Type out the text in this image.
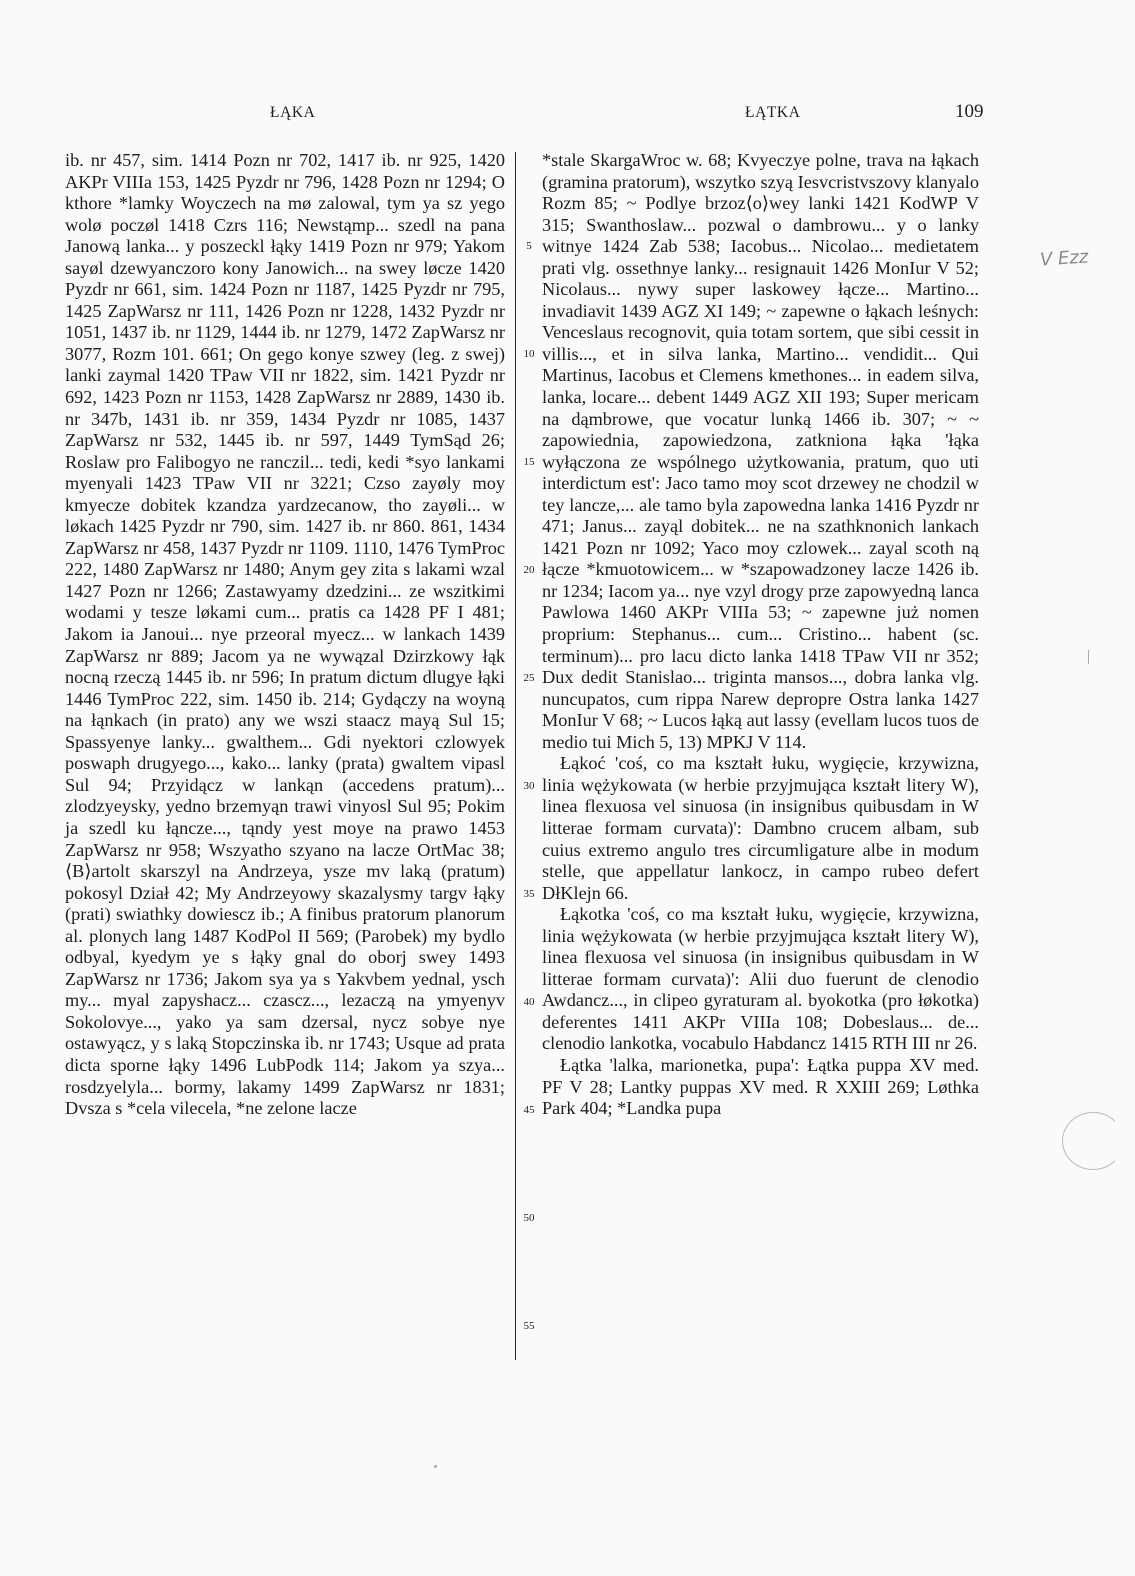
ŁĄKA	ŁĄTKA	109

ib. nr 457, sim. 1414 Pozn nr 702, 1417 ib. nr 925, 1420 AKPr VIIIa 153, 1425 Pyzdr nr 796, 1428 Pozn nr 1294; O kthore *lamky Woyczech na mø zalowal, tym ya sz yego wolø poczøl 1418 Czrs 116; Newstąmp... szedl na pana Janową lanka... y poszeckl łąky 1419 Pozn nr 979; Yakom sayøl dzewyanczoro kony Janowich... na swey løcze 1420 Pyzdr nr 661, sim. 1424 Pozn nr 1187, 1425 Pyzdr nr 795, 1425 ZapWarsz nr 111, 1426 Pozn nr 1228, 1432 Pyzdr nr 1051, 1437 ib. nr 1129, 1444 ib. nr 1279, 1472 ZapWarsz nr 3077, Rozm 101. 661; On gego konye szwey (leg. z swej) lanki zaymal 1420 TPaw VII nr 1822, sim. 1421 Pyzdr nr 692, 1423 Pozn nr 1153, 1428 ZapWarsz nr 2889, 1430 ib. nr 347b, 1431 ib. nr 359, 1434 Pyzdr nr 1085, 1437 ZapWarsz nr 532, 1445 ib. nr 597, 1449 TymSąd 26; Roslaw pro Falibogyo ne ranczil... tedi, kedi *syo lankami myenyali 1423 TPaw VII nr 3221; Czso zayøly moy kmyecze dobitek kzandza yardzecanow, tho zayøli... w løkach 1425 Pyzdr nr 790, sim. 1427 ib. nr 860. 861, 1434 ZapWarsz nr 458, 1437 Pyzdr nr 1109. 1110, 1476 TymProc 222, 1480 ZapWarsz nr 1480; Anym gey zita s lakami wzal 1427 Pozn nr 1266; Zastawyamy dzedzini... ze wszitkimi wodami y tesze løkami cum... pratis ca 1428 PF I 481; Jakom ia Janoui... nye przeoral myecz... w lankach 1439 ZapWarsz nr 889; Jacom ya ne wywązal Dzirzkowy łąk nocną rzeczą 1445 ib. nr 596; In pratum dictum dlugye łąki 1446 TymProc 222, sim. 1450 ib. 214; Gydączy na woyną na łąnkach (in prato) any we wszi staacz mayą Sul 15; Spassyenye lanky... gwalthem... Gdi nyektori czlowyek poswaph drugyego..., kako... lanky (prata) gwaltem vipasl Sul 94; Przyidącz w lankąn (accedens pratum)... zlodzyeysky, yedno brzemyąn trawi vinyosl Sul 95; Pokim ja szedl ku łąncze..., tąndy yest moye na prawo 1453 ZapWarsz nr 958; Wszyatho szyano na lacze OrtMac 38; ⟨B⟩artolt skarszyl na Andrzeya, ysze mv laką (pratum) pokosyl Dział 42; My Andrzeyowy skazalysmy targv łąky (prati) swiathky dowiescz ib.; A finibus pratorum planorum al. plonych lang 1487 KodPol II 569; (Parobek) my bydlo odbyal, kyedym ye s łąky gnal do oborj swey 1493 ZapWarsz nr 1736; Jakom sya ya s Yakvbem yednal, ysch my... myal zapyshacz... czascz..., lezaczą na ymyenyv Sokolovye..., yako ya sam dzersal, nycz sobye nye ostawyącz, y s laką Stopczinska ib. nr 1743; Usque ad prata dicta sporne łąky 1496 LubPodk 114; Jakom ya szya... rosdzyelyla... bormy, lakamy 1499 ZapWarsz nr 1831; Dvsza s *cela vilecela, *ne zelone lacze

5
10
15
20
25
30
35
40
45
50
55

*stale SkargaWroc w. 68; Kvyeczye polne, trava na łąkach (gramina pratorum), wszytko szyą Iesvcristvszovy klanyalo Rozm 85; ~ Podlye brzoz⟨o⟩wey lanki 1421 KodWP V 315; Swanthoslaw... pozwal o dambrowu... y o lanky witnye 1424 Zab 538; Iacobus... Nicolao... medietatem prati vlg. ossethnye lanky... resignauit 1426 MonIur V 52; Nicolaus... nywy super laskowey łącze... Martino... invadiavit 1439 AGZ XI 149; ~ zapewne o łąkach leśnych: Venceslaus recognovit, quia totam sortem, que sibi cessit in villis..., et in silva lanka, Martino... vendidit... Qui Martinus, Iacobus et Clemens kmethones... in eadem silva, lanka, locare... debent 1449 AGZ XII 193; Super mericam na dąmbrowe, que vocatur lunką 1466 ib. 307; ~ ~ zapowiednia, zapowiedzona, zatkniona łąka 'łąka wyłączona ze wspólnego użytkowania, pratum, quo uti interdictum est': Jaco tamo moy scot drzewey ne chodzil w tey lancze,... ale tamo byla zapowedna lanka 1416 Pyzdr nr 471; Janus... zayąl dobitek... ne na szathknonich lankach 1421 Pozn nr 1092; Yaco moy czlowek... zayal scoth ną łącze *kmuotowicem... w *szapowadzoney lacze 1426 ib. nr 1234; Iacom ya... nye vzyl drogy prze zapowyedną lanca Pawlowa 1460 AKPr VIIIa 53; ~ zapewne już nomen proprium: Stephanus... cum... Cristino... habent (sc. terminum)... pro lacu dicto lanka 1418 TPaw VII nr 352; Dux dedit Stanislao... triginta mansos..., dobra lanka vlg. nuncupatos, cum rippa Narew depropre Ostra lanka 1427 MonIur V 68; ~ Lucos łąką aut lassy (evellam lucos tuos de medio tui Mich 5, 13) MPKJ V 114.

Łąkoć 'coś, co ma kształt łuku, wygięcie, krzywizna, linia wężykowata (w herbie przyjmująca kształt litery W), linea flexuosa vel sinuosa (in insignibus quibusdam in W litterae formam curvata)': Dambno crucem albam, sub cuius extremo angulo tres circumligature albe in modum stelle, que appellatur lankocz, in campo rubeo defert DłKlejn 66.

Łąkotka 'coś, co ma kształt łuku, wygięcie, krzywizna, linia wężykowata (w herbie przyjmująca kształt litery W), linea flexuosa vel sinuosa (in insignibus quibusdam in W litterae formam curvata)': Alii duo fuerunt de clenodio Awdancz..., in clipeo gyraturam al. byokotka (pro łøkotka) deferentes 1411 AKPr VIIIa 108; Dobeslaus... de... clenodio lankotka, vocabulo Habdancz 1415 RTH III nr 26.

Łątka 'lalka, marionetka, pupa': Łątka puppa XV med. PF V 28; Lantky puppas XV med. R XXIII 269; Løthka Park 404; *Landka pupa

V Ezz
